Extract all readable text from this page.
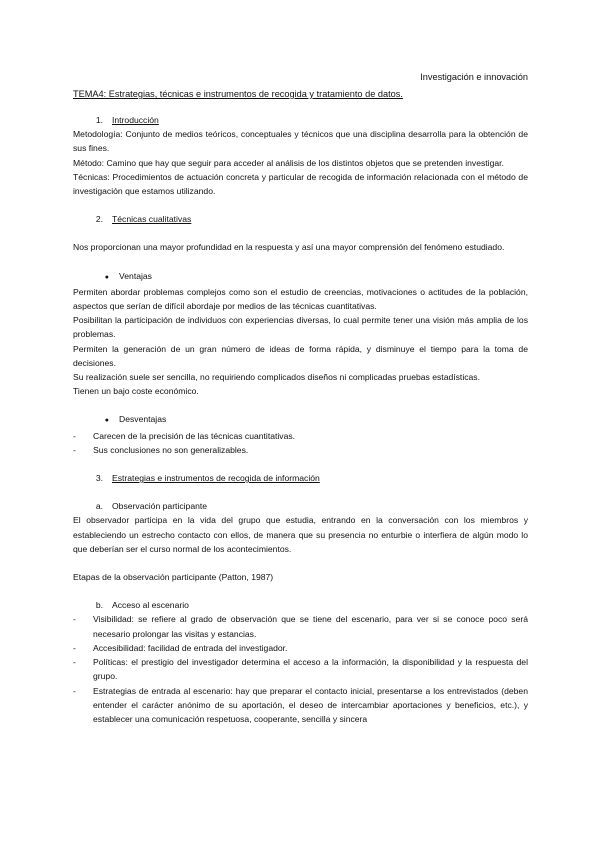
Investigación e innovación
TEMA4: Estrategias, técnicas e instrumentos de recogida y tratamiento de datos.
1.	Introducción

Metodología: Conjunto de medios teóricos, conceptuales y técnicos que una disciplina desarrolla para la obtención de sus fines.

Método: Camino que hay que seguir para acceder al análisis de los distintos objetos que se pretenden investigar.

Técnicas: Procedimientos de actuación concreta y particular de recogida de información relacionada con el método de investigación que estamos utilizando.

2.	Técnicas cualitativas

Nos proporcionan una mayor profundidad en la respuesta y así una mayor comprensión del fenómeno estudiado.

●	Ventajas

Permiten abordar problemas complejos como son el estudio de creencias, motivaciones o actitudes de la población, aspectos que serían de difícil abordaje por medios de las técnicas cuantitativas.

Posibilitan la participación de individuos con experiencias diversas, lo cual permite tener una visión más amplia de los problemas.

Permiten la generación de un gran número de ideas de forma rápida, y disminuye el tiempo para la toma de decisiones.

Su realización suele ser sencilla, no requiriendo complicados diseños ni complicadas pruebas estadísticas.

Tienen un bajo coste económico.

●	Desventajas
-	Carecen de la precisión de las técnicas cuantitativas.
-	Sus conclusiones no son generalizables.
3.	Estrategias e instrumentos de recogida de información
a.	Observación participante

El observador participa en la vida del grupo que estudia, entrando en la conversación con los miembros y estableciendo un estrecho contacto con ellos, de manera que su presencia no enturbie o interfiera de algún modo lo que deberían ser el curso normal de los acontecimientos.

Etapas de la observación participante (Patton, 1987)

b.	Acceso al escenario
-	Visibilidad: se refiere al grado de observación que se tiene del escenario, para ver si se conoce poco será necesario prolongar las visitas y estancias.
-	Accesibilidad: facilidad de entrada del investigador.
-	Políticas: el prestigio del investigador determina el acceso a la información, la disponibilidad y la respuesta del grupo.
-	Estrategias de entrada al escenario: hay que preparar el contacto inicial, presentarse a los entrevistados (deben entender el carácter anónimo de su aportación, el deseo de intercambiar aportaciones y beneficios, etc.), y establecer una comunicación respetuosa, cooperante, sencilla y sincera
